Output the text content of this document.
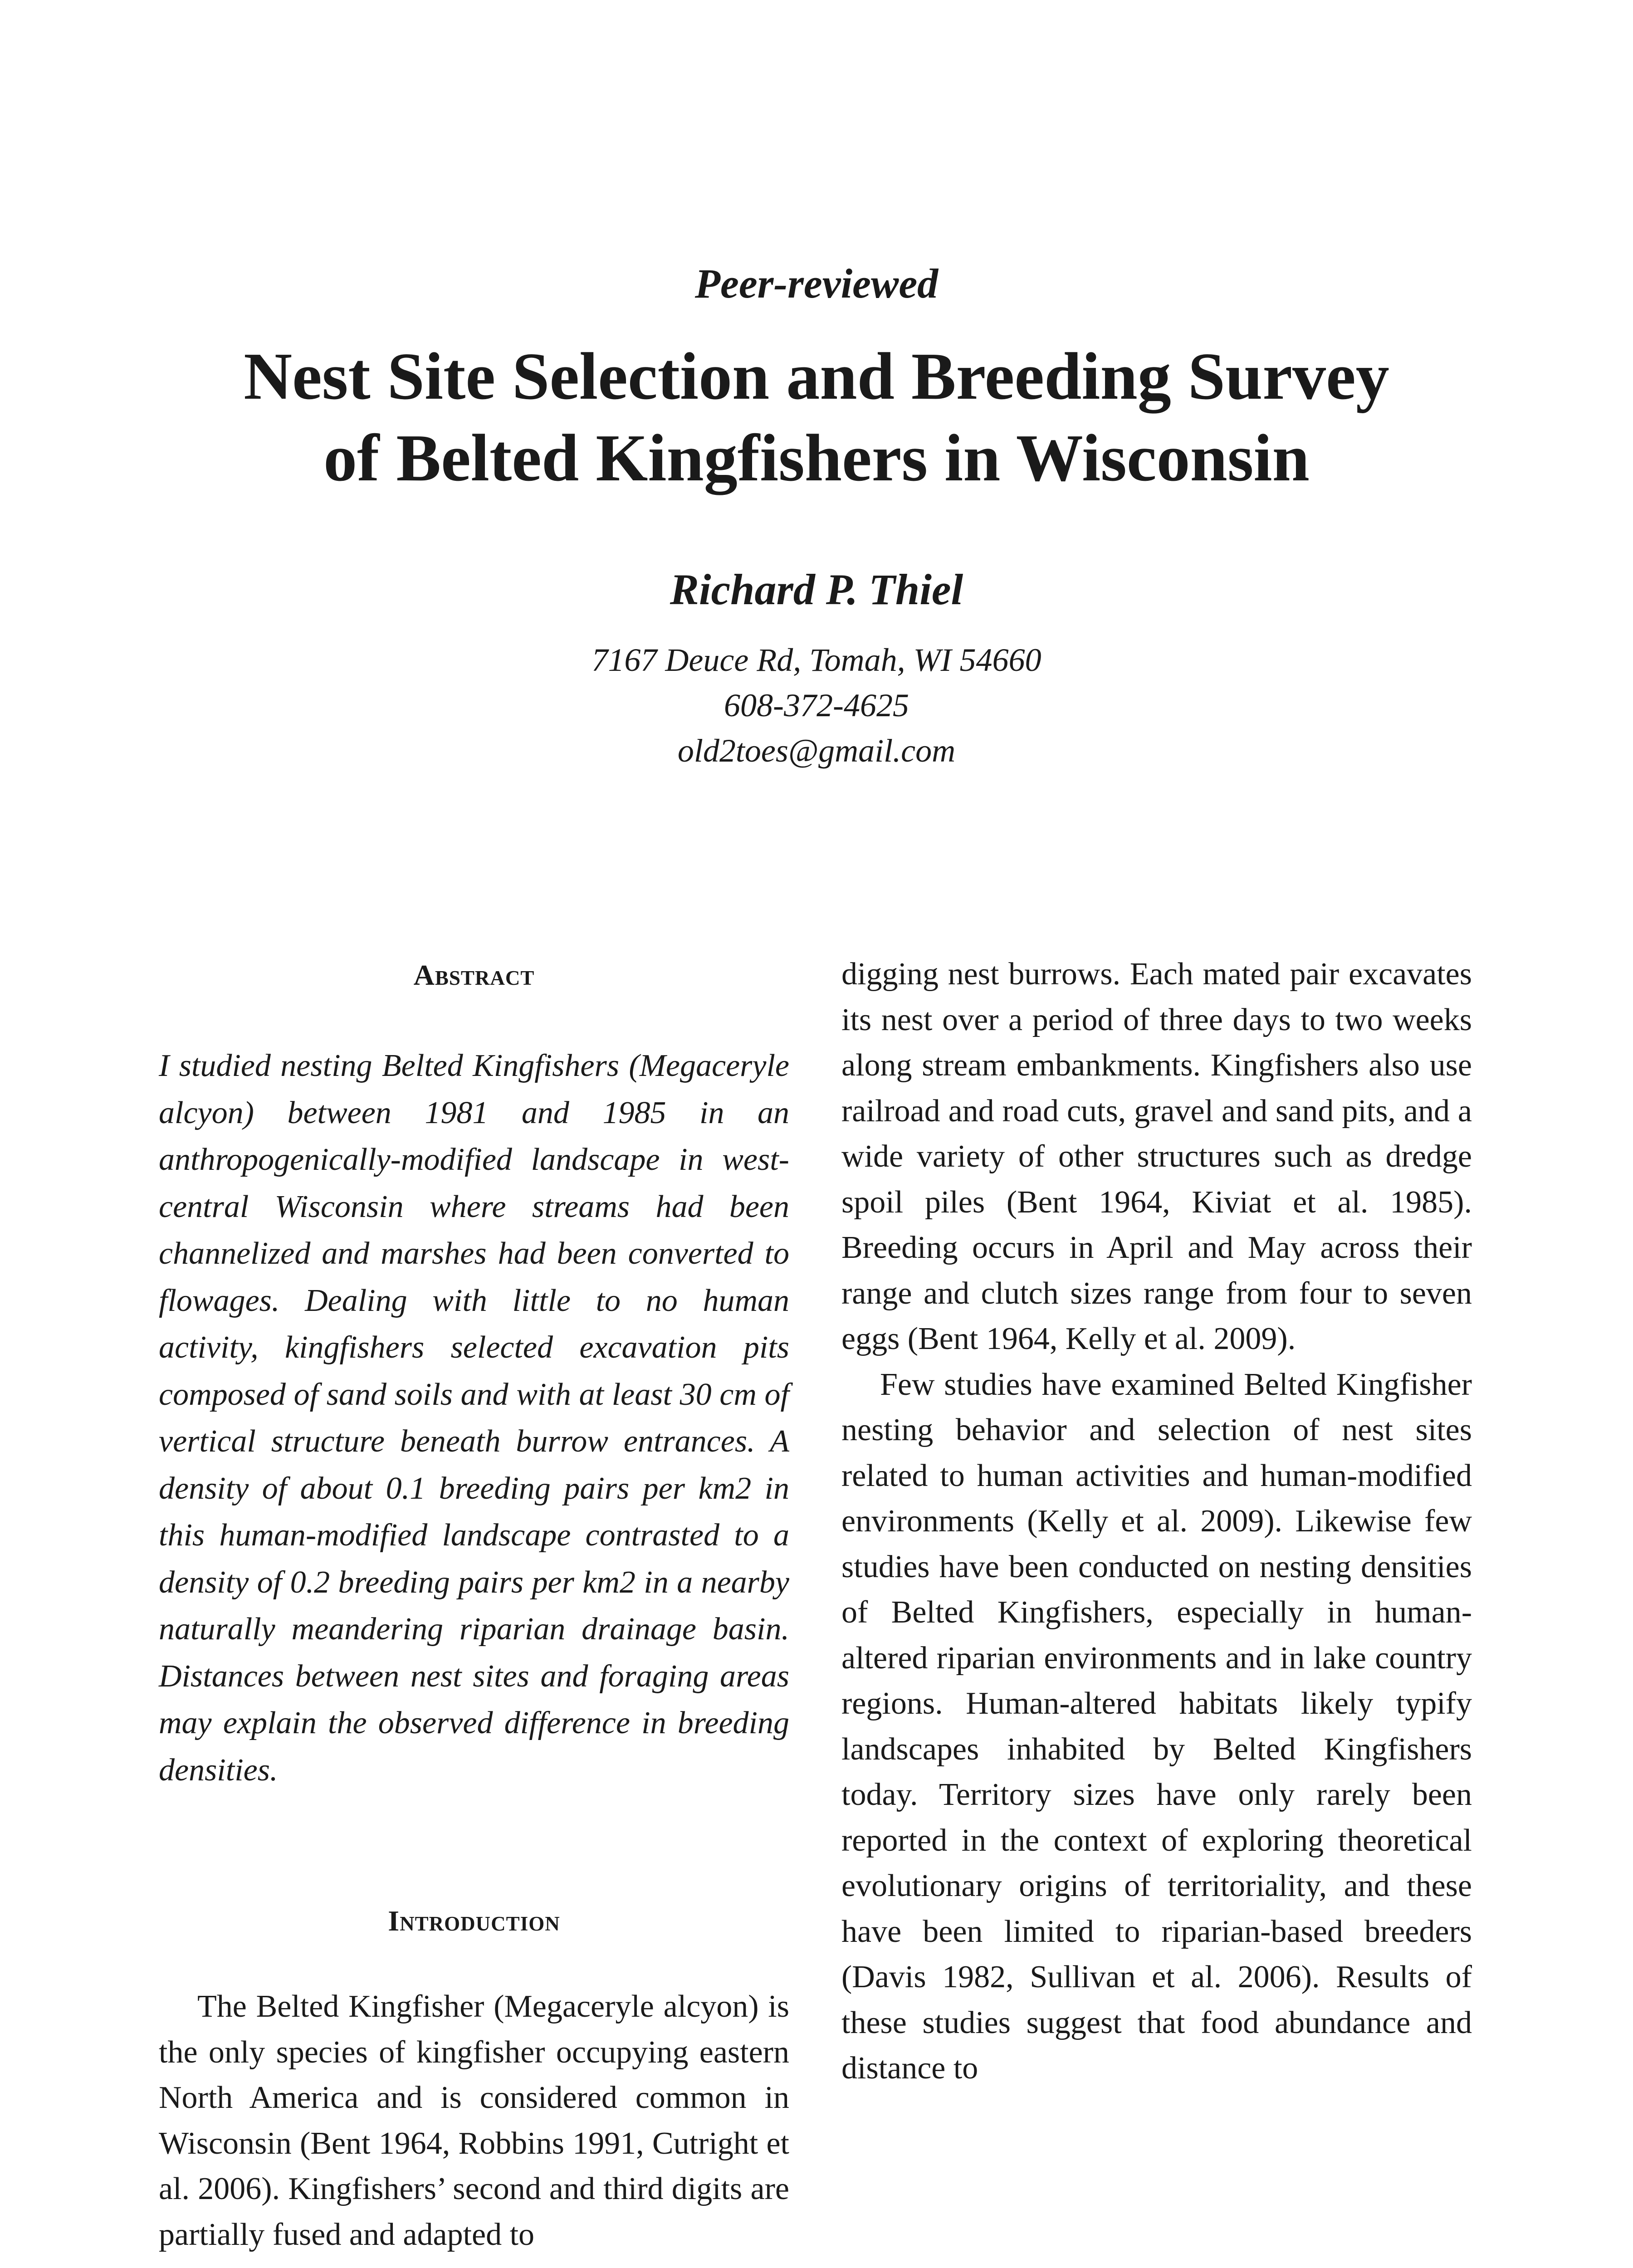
Peer-reviewed
Nest Site Selection and Breeding Survey
of Belted Kingfishers in Wisconsin
Richard P. Thiel
7167 Deuce Rd, Tomah, WI 54660
608-372-4625
old2toes@gmail.com
Abstract
I studied nesting Belted Kingfishers (Megaceryle alcyon) between 1981 and 1985 in an anthropogenically-modified landscape in west-central Wisconsin where streams had been channelized and marshes had been converted to flowages. Dealing with little to no human activity, kingfishers selected excavation pits composed of sand soils and with at least 30 cm of vertical structure beneath burrow entrances. A density of about 0.1 breeding pairs per km2 in this human-modified landscape contrasted to a density of 0.2 breeding pairs per km2 in a nearby naturally meandering riparian drainage basin. Distances between nest sites and foraging areas may explain the observed difference in breeding densities.
Introduction

The Belted Kingfisher (Megaceryle alcyon) is the only species of kingfisher occupying eastern North America and is considered common in Wisconsin (Bent 1964, Robbins 1991, Cutright et al. 2006). Kingfishers’ second and third digits are partially fused and adapted to

digging nest burrows. Each mated pair excavates its nest over a period of three days to two weeks along stream embankments. Kingfishers also use railroad and road cuts, gravel and sand pits, and a wide variety of other structures such as dredge spoil piles (Bent 1964, Kiviat et al. 1985). Breeding occurs in April and May across their range and clutch sizes range from four to seven eggs (Bent 1964, Kelly et al. 2009).

Few studies have examined Belted Kingfisher nesting behavior and selection of nest sites related to human activities and human-modified environments (Kelly et al. 2009). Likewise few studies have been conducted on nesting densities of Belted Kingfishers, especially in human-altered riparian environments and in lake country regions. Human-altered habitats likely typify landscapes inhabited by Belted Kingfishers today. Territory sizes have only rarely been reported in the context of exploring theoretical evolutionary origins of territoriality, and these have been limited to riparian-based breeders (Davis 1982, Sullivan et al. 2006). Results of these studies suggest that food abundance and distance to
